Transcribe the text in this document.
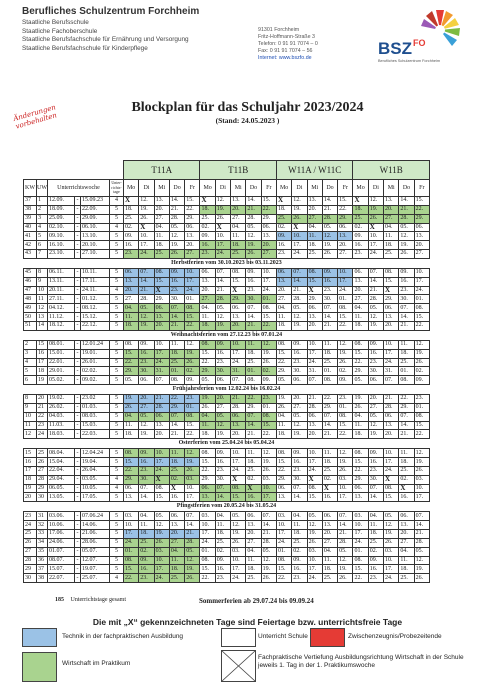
Berufliches Schulzentrum Forchheim
Staatliche Berufsschule
Staatliche Fachoberschule
Staatliche Berufsfachschule für Ernährung und Versorgung
Staatliche Berufsfachschule für Kinderpflege
91301 Forchheim
Fritz-Hoffmann-Straße 3
Telefon: 0 91 91 7074 – 0
Fax: 0 91 91 7074 – 56
Internet: www.bszfo.de	BSZ FO
Berufliches Schulzentrum Forchheim
Änderungen vorbehalten
Blockplan für das Schuljahr 2023/2024
(Stand: 24.05.2023 )
						T11A					T11B					W11A / W11C					W11B				
KW	UW	Unterrichtswoche			Unter-richts-tage	Mo	Di	Mi	Do	Fr	Mo	Di	Mi	Do	Fr	Mo	Di	Mi	Do	Fr	Mo	Di	Mi	Do	Fr
37	1	12.09.	-	15.09.23	4	X	12.	13.	14.	15.	X	12.	13.	14.	15.	X	12.	13.	14.	15.	X	12.	13.	14.	15.
38	2	18.09.	-	22.09.	5	18.	19.	20.	21.	22.	18.	19.	20.	21.	22.	18.	19.	20.	21.	22.	18.	19.	20.	21.	22.
39	3	25.09.	-	29.09.	5	25.	26.	27.	28.	29.	25.	26.	27.	28.	29.	25.	26.	27.	28.	29.	25.	26.	27.	28.	29.
40	4	02.10.	-	06.10.	4	02.	X	04.	05.	06.	02.	X	04.	05.	06.	02.	X	04.	05.	06.	02.	X	04.	05.	06.
41	5	09.10.	-	13.10.	5	09.	10.	11.	12.	13.	09.	10.	11.	12.	13.	09.	10.	11.	12.	13.	09.	10.	11.	12.	13.
42	6	16.10.	-	20.10.	5	16.	17.	18.	19.	20.	16.	17.	18.	19.	20.	16.	17.	18.	19.	20.	16.	17.	18.	19.	20.
43	7	23.10.	-	27.10.	5	23.	24.	25.	26.	27.	23.	24.	25.	26.	27.	23.	24.	25.	26.	27.	23.	24.	25.	26.	27.
Herbstferien vom 30.10.2023 bis 03.11.2023																									
45	8	06.11.	-	10.11.	5	06.	07.	08.	09.	10.	06.	07.	08.	09.	10.	06.	07.	08.	09.	10.	06.	07.	08.	09.	10.
46	9	13.11.	-	17.11.	5	13.	14.	15.	16.	17.	13.	14.	15.	16.	17.	13.	14.	15.	16.	17.	13.	14.	15.	16.	17.
47	10	20.11.	-	24.11.	4	20.	21.	X	23.	24.	20.	21.	X	23.	24.	20.	21.	X	23.	24.	20.	21.	X	23.	24.
48	11	27.11.	-	01.12.	5	27.	28.	29.	30.	01.	27.	28.	29.	30.	01.	27.	28.	29.	30.	01.	27.	28.	29.	30.	01.
49	12	04.12.	-	08.12.	5	04.	05.	06.	07.	08.	04.	05.	06.	07.	08.	04.	05.	06.	07.	08.	04.	05.	06.	07.	08.
50	13	11.12.	-	15.12.	5	11.	12.	13.	14.	15.	11.	12.	13.	14.	15.	11.	12.	13.	14.	15.	11.	12.	13.	14.	15.
51	14	18.12.	-	22.12.	5	18.	19.	20.	21.	22.	18.	19.	20.	21.	22.	18.	19.	20.	21.	22.	18.	19.	20.	21.	22.
Weihnachtsferien vom 27.12.23 bis 07.01.24																									
2	15	08.01.	-	12.01.24	5	08.	09.	10.	11.	12.	08.	09.	10.	11.	12.	08.	09.	10.	11.	12.	08.	09.	10.	11.	12.
3	16	15.01.	-	19.01.	5	15.	16.	17.	18.	19.	15.	16.	17.	18.	19.	15.	16.	17.	18.	19.	15.	16.	17.	18.	19.
4	17	22.01.	-	26.01.	5	22.	23.	24.	25.	26.	22.	23.	24.	25.	26.	22.	23.	24.	25.	26.	22.	23.	24.	25.	26.
5	18	29.01.	-	02.02.	5	29.	30.	31.	01.	02.	29.	30.	31.	01.	02.	29.	30.	31.	01.	02.	29.	30.	31.	01.	02.
6	19	05.02.	-	09.02.	5	05.	06.	07.	08.	09.	05.	06.	07.	08.	09.	05.	06.	07.	08.	09.	05.	06.	07.	08.	09.
Frühjahrsferien vom 12.02.24 bis 16.02.24																									
8	20	19.02.	-	23.02	5	19.	20.	21.	22.	23.	19.	20.	21.	22.	23.	19.	20.	21.	22.	23.	19.	20.	21.	22.	23.
9	21	26.02.	-	01.03.	5	26.	27.	28.	29.	01.	26.	27.	28.	29.	01.	26.	27.	28.	29.	01.	26.	27.	28.	29.	01.
10	22	04.03.	-	08.03.	5	04.	05.	06.	07.	08.	04.	05.	06.	07.	08.	04.	05.	06.	07.	08.	04.	05.	06.	07.	08.
11	23	11.03.	-	15.03.	5	11.	12.	13.	14.	15.	11.	12.	13.	14.	15.	11.	12.	13.	14.	15.	11.	12.	13.	14.	15.
12	24	18.03.	-	22.03.	5	18.	19.	20.	21.	22.	18.	19.	20.	21.	22.	18.	19.	20.	21.	22.	18.	19.	20.	21.	22.
Osterferien vom 25.04.24 bis 05.04.24																									
15	25	08.04.	-	12.04.24	5	08.	09.	10.	11.	12.	08.	09.	10.	11.	12.	08.	09.	10.	11.	12.	08.	09.	10.	11.	12.
16	26	15.04.	-	19.04.	5	15.	16.	17.	18.	19.	15.	16.	17.	18.	19.	15.	16.	17.	18.	19.	15.	16.	17.	18.	19.
17	27	22.04.	-	26.04.	5	22.	23.	24.	25.	26.	22.	23.	24.	25.	26.	22.	23.	24.	25.	26.	22.	23.	24.	25.	26.
18	28	29.04.	-	03.05.	4	29.	30.	X	02.	03.	29.	30.	X	02.	03.	29.	30.	X	02.	03.	29.	30.	X	02.	03.
19	29	06.05.	-	10.05.	4	06.	07.	08.	X	10.	06.	07.	08.	X	10.	06.	07.	08.	X	10.	06.	07.	08.	X	10.
20	30	13.05.	-	17.05.	5	13.	14.	15.	16.	17.	13.	14.	15.	16.	17.	13.	14.	15.	16.	17.	13.	14.	15.	16.	17.
Pfingstferien vom 20.05.24 bis 31.05.24																									
23	31	03.06.	-	07.06.24	5	03.	04.	05.	06.	07.	03.	04.	05.	06.	07.	03.	04.	05.	06.	07.	03.	04.	05.	06.	07.
24	32	10.06.	-	14.06.	5	10.	11.	12.	13.	14.	10.	11.	12.	13.	14.	10.	11.	12.	13.	14.	10.	11.	12.	13.	14.
25	33	17.06.	-	21.06.	5	17.	18.	19.	20.	21.	17.	18.	19.	20.	21.	17.	18.	19.	20.	21.	17.	18.	19.	20.	21.
26	34	24.06.	-	28.06.	5	24.	25.	26.	27.	28.	24.	25.	26.	27.	28.	24.	25.	26.	27.	28.	24.	25.	26.	27.	28.
27	35	01.07.	-	05.07.	5	01.	02.	03.	04.	05.	01.	02.	03.	04.	05.	01.	02.	03.	04.	05.	01.	02.	03.	04.	05.
28	36	08.07.	-	12.07.	5	08.	09.	10.	11.	12.	08.	09.	10.	11.	12.	08.	09.	10.	11.	12.	08.	09.	10.	11.	12.
29	37	15.07.	-	19.07.	5	15.	16.	17.	18.	19.	15.	16.	17.	18.	19.	15.	16.	17.	18.	19.	15.	16.	17.	18.	19.
30	38	22.07.	-	25.07.	4	22.	23.	24.	25.	26.	22.	23.	24.	25.	26.	22.	23.	24.	25.	26.	22.	23.	24.	25.	26.
185 Unterrichtstage gesamt	Sommerferien ab 29.07.24 bis 09.09.24
Die mit „X“ gekennzeichneten Tage sind Feiertage bzw. unterrichtsfreie Tage
Technik in der fachpraktischen Ausbildung
Wirtschaft im Praktikum
Unterricht Schule	Zwischenzeugnis/Probezeitende
Fachpraktische Vertiefung Ausbildungsrichtung Wirtschaft in der Schule jeweils 1. Tag in der 1. Praktikumswoche
